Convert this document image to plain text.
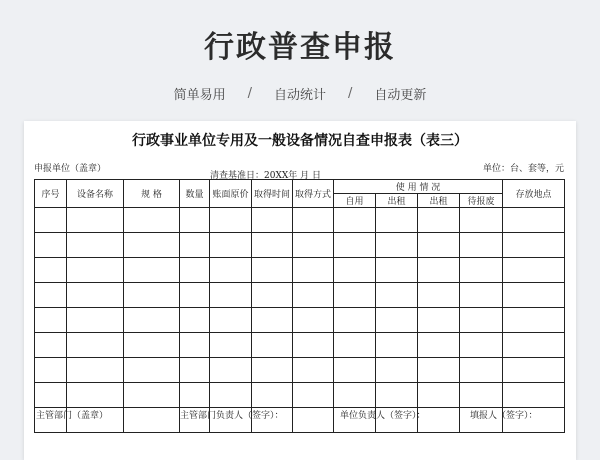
行政普查申报
简单易用 / 自动统计 / 自动更新
行政事业单位专用及一般设备情况自查申报表（表三）
申报单位（盖章）
清查基准日：20XX年 月 日
单位：台、套等，元
序号	设备名称	规 格	数量	账面原价	取得时间	取得方式	使 用 情 况				存放地点
							自用	出租	出租	待报废	

主管部门（盖章）	主管部门负责人（签字）：	单位负责人（签字）：	填报人（签字）：
